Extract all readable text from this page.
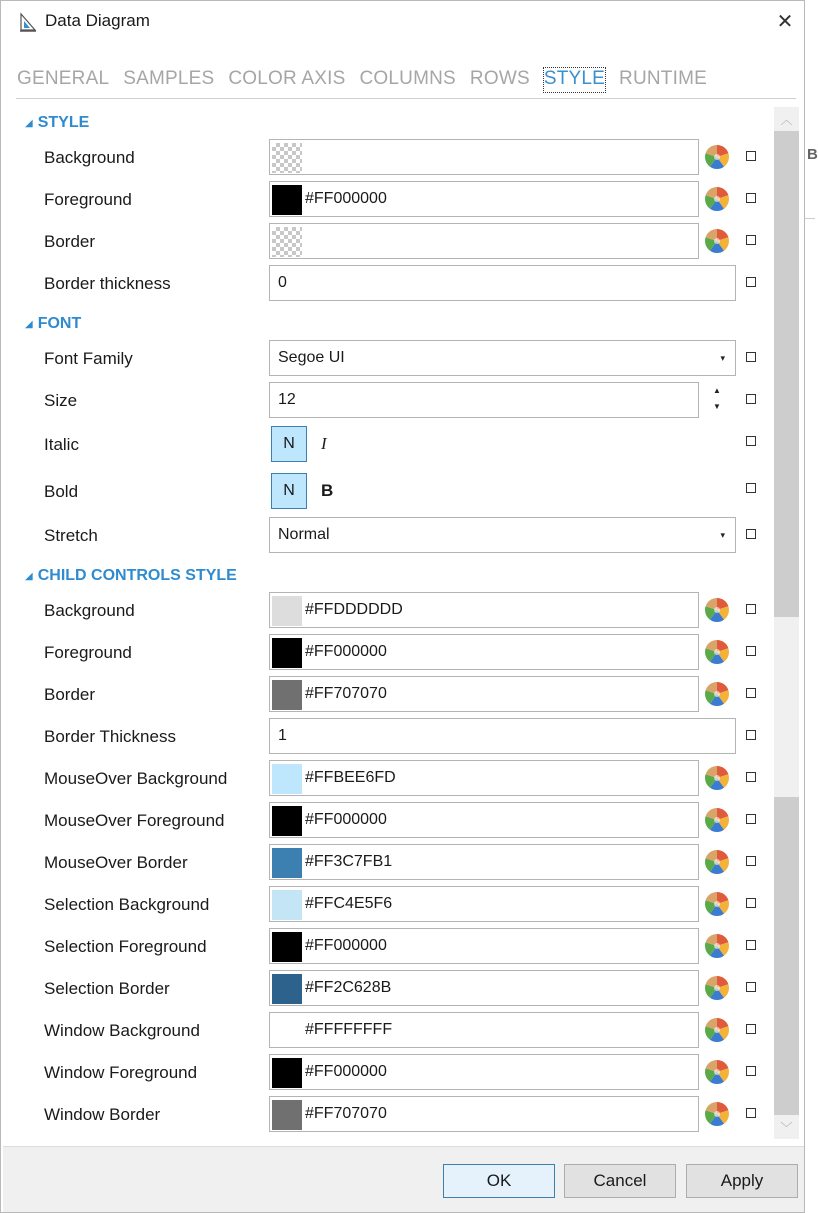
B
Data Diagram	✕
GENERAL SAMPLES COLOR AXIS COLUMNS ROWS STYLE RUNTIME
◢ STYLE
Background
Foreground	#FF000000
Border
Border thickness	0
◢ FONT
Font Family	Segoe UI	▾
Size	12
▲
▼
Italic	N	I
Bold	N	B
Stretch	Normal	▾
◢ CHILD CONTROLS STYLE
Background	#FFDDDDDD
Foreground	#FF000000
Border	#FF707070
Border Thickness	1
MouseOver Background	#FFBEE6FD
MouseOver Foreground	#FF000000
MouseOver Border	#FF3C7FB1
Selection Background	#FFC4E5F6
Selection Foreground	#FF000000
Selection Border	#FF2C628B
Window Background	#FFFFFFFF
Window Foreground	#FF000000
Window Border	#FF707070
︿
﹀
OK	Cancel	Apply
